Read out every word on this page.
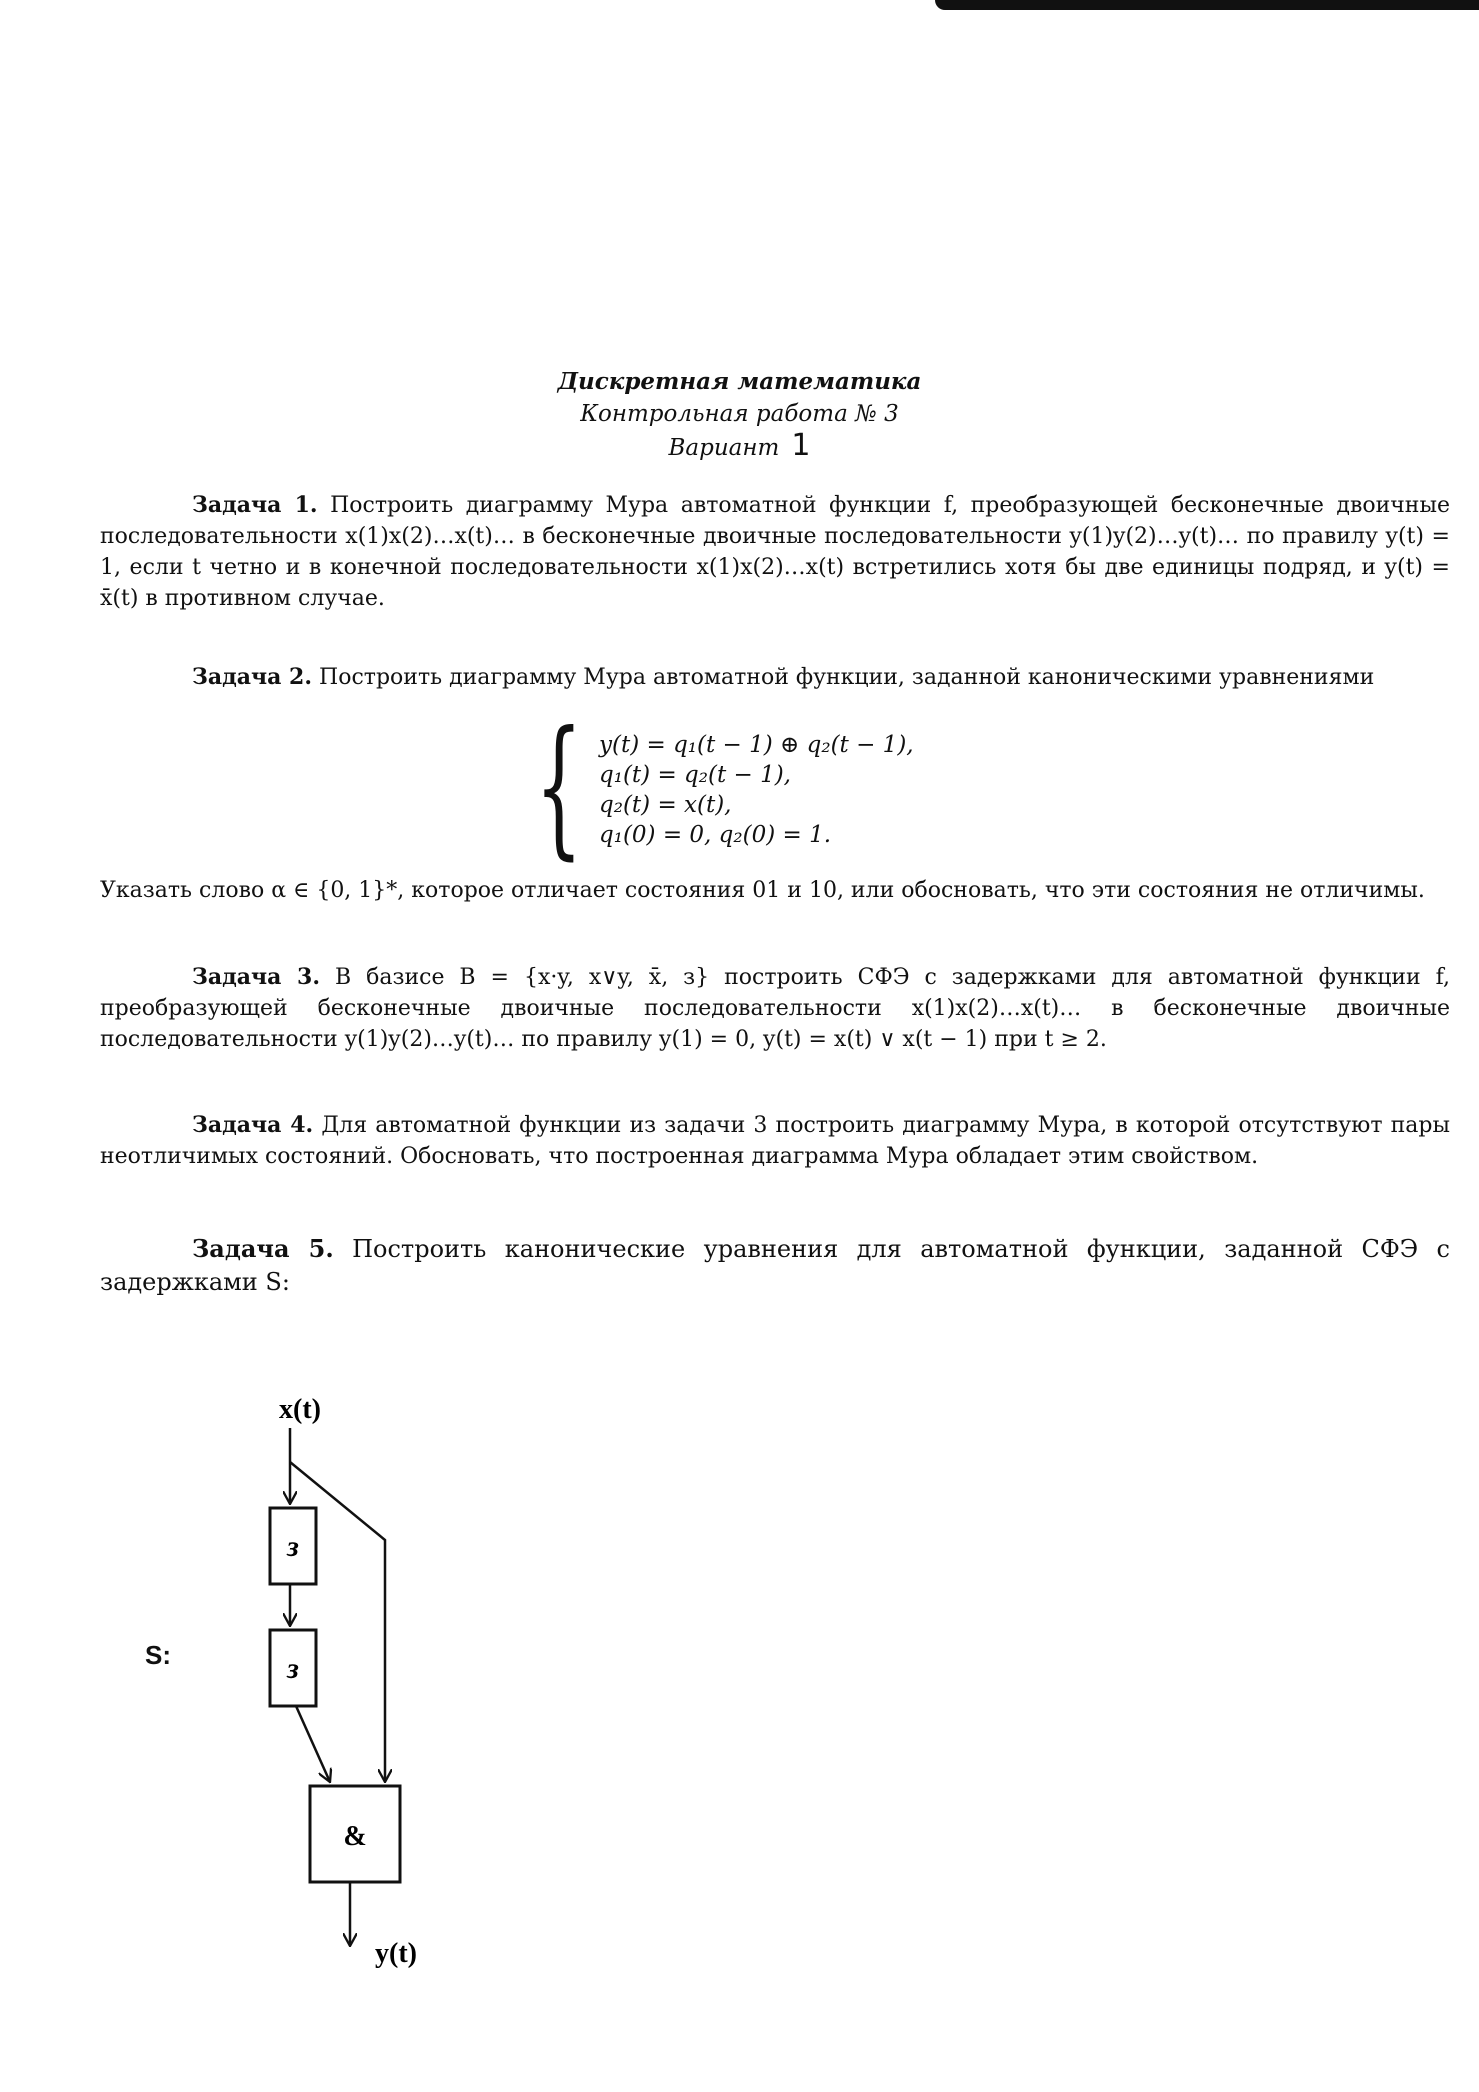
Дискретная математика
Контрольная работа № 3
Вариант 1
Задача 1. Построить диаграмму Мура автоматной функции f, преобразующей бесконечные двоичные последовательности x(1)x(2)…x(t)… в бесконечные двоичные последовательности y(1)y(2)…y(t)… по правилу y(t) = 1, если t четно и в конечной последовательности x(1)x(2)…x(t) встретились хотя бы две единицы подряд, и y(t) = x̄(t) в противном случае.
Задача 2. Построить диаграмму Мура автоматной функции, заданной каноническими уравнениями
{ y(t) = q₁(t − 1) ⊕ q₂(t − 1),
q₁(t) = q₂(t − 1),
q₂(t) = x(t),
q₁(0) = 0, q₂(0) = 1.
Указать слово α ∈ {0, 1}*, которое отличает состояния 01 и 10, или обосновать, что эти состояния не отличимы.
Задача 3. В базисе B = {x·y, x∨y, x̄, з} построить СФЭ с задержками для автоматной функции f, преобразующей бесконечные двоичные последовательности x(1)x(2)…x(t)… в бесконечные двоичные последовательности y(1)y(2)…y(t)… по правилу y(1) = 0, y(t) = x(t) ∨ x(t − 1) при t ≥ 2.
Задача 4. Для автоматной функции из задачи 3 построить диаграмму Мура, в которой отсутствуют пары неотличимых состояний. Обосновать, что построенная диаграмма Мура обладает этим свойством.
Задача 5. Построить канонические уравнения для автоматной функции, заданной СФЭ с задержками S:
S:
x(t)
з
з
&
y(t)
